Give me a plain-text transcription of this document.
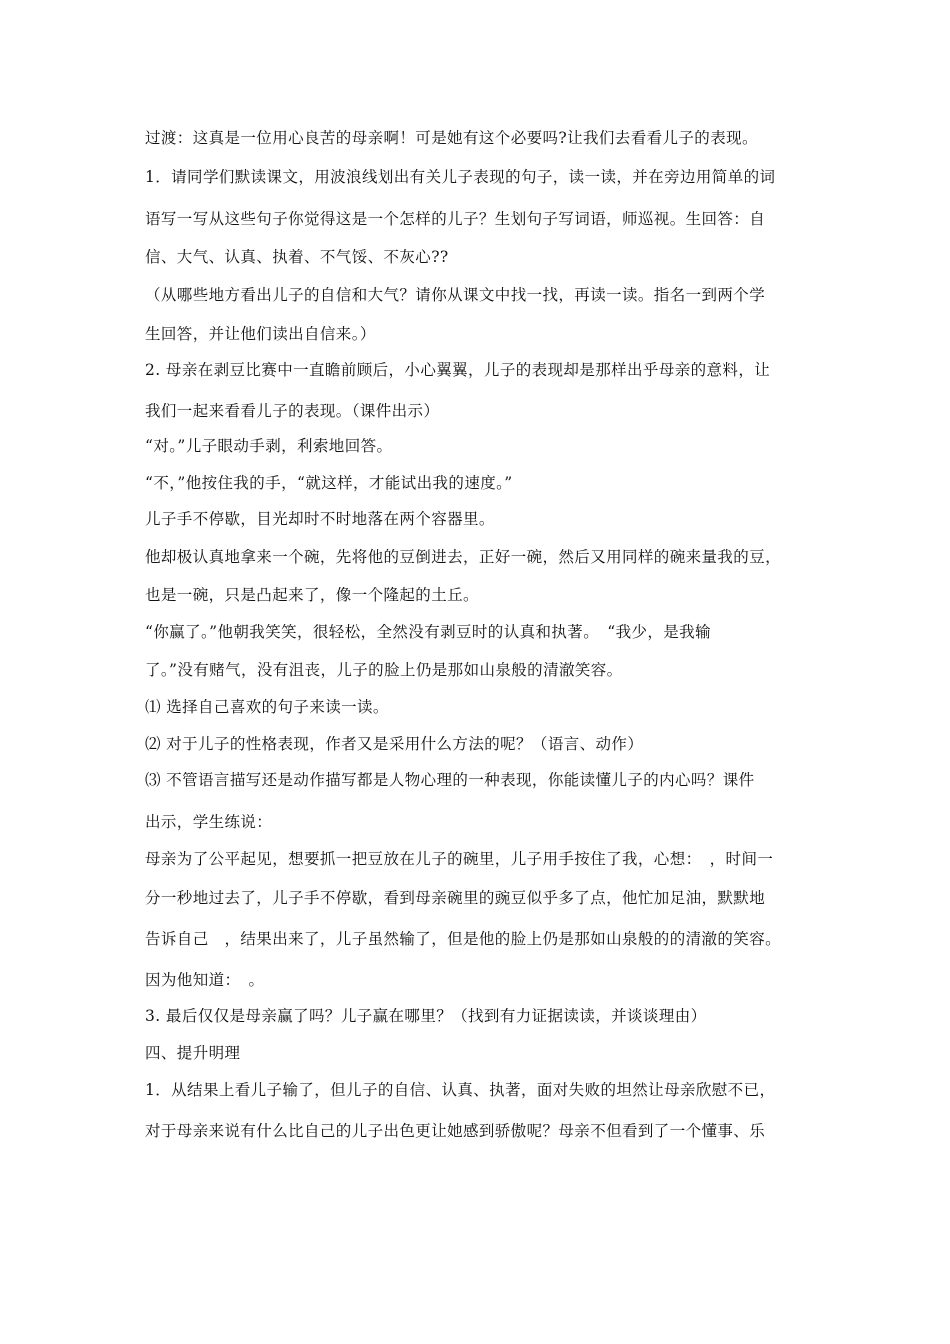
过渡：这真是一位用心良苦的母亲啊！可是她有这个必要吗?让我们去看看儿子的表现。
1．请同学们默读课文，用波浪线划出有关儿子表现的句子，读一读，并在旁边用简单的词
语写一写从这些句子你觉得这是一个怎样的儿子？生划句子写词语，师巡视。生回答：自
信、大气、认真、执着、不气馁、不灰心??
（从哪些地方看出儿子的自信和大气？请你从课文中找一找，再读一读。指名一到两个学
生回答，并让他们读出自信来。）
2. 母亲在剥豆比赛中一直瞻前顾后，小心翼翼，儿子的表现却是那样出乎母亲的意料，让
我们一起来看看儿子的表现。（课件出示）
“对。”儿子眼动手剥，利索地回答。
“不，”他按住我的手，“就这样，才能试出我的速度。”
儿子手不停歇，目光却时不时地落在两个容器里。
他却极认真地拿来一个碗，先将他的豆倒进去，正好一碗，然后又用同样的碗来量我的豆，
也是一碗，只是凸起来了，像一个隆起的土丘。
“你赢了。”他朝我笑笑，很轻松，全然没有剥豆时的认真和执著。　“我少，是我输
了。”没有赌气，没有沮丧，儿子的脸上仍是那如山泉般的清澈笑容。
⑴ 选择自己喜欢的句子来读一读。
⑵ 对于儿子的性格表现，作者又是采用什么方法的呢？（语言、动作）
⑶ 不管语言描写还是动作描写都是人物心理的一种表现，你能读懂儿子的内心吗？课件
出示，学生练说：
母亲为了公平起见，想要抓一把豆放在儿子的碗里，儿子用手按住了我，心想：　，时间一
分一秒地过去了，儿子手不停歇，看到母亲碗里的豌豆似乎多了点，他忙加足油，默默地
告诉自己　，结果出来了，儿子虽然输了，但是他的脸上仍是那如山泉般的的清澈的笑容。
因为他知道：　。
3. 最后仅仅是母亲赢了吗？儿子赢在哪里？（找到有力证据读读，并谈谈理由）
四、提升明理
1．从结果上看儿子输了，但儿子的自信、认真、执著，面对失败的坦然让母亲欣慰不已，
对于母亲来说有什么比自己的儿子出色更让她感到骄傲呢？母亲不但看到了一个懂事、乐
